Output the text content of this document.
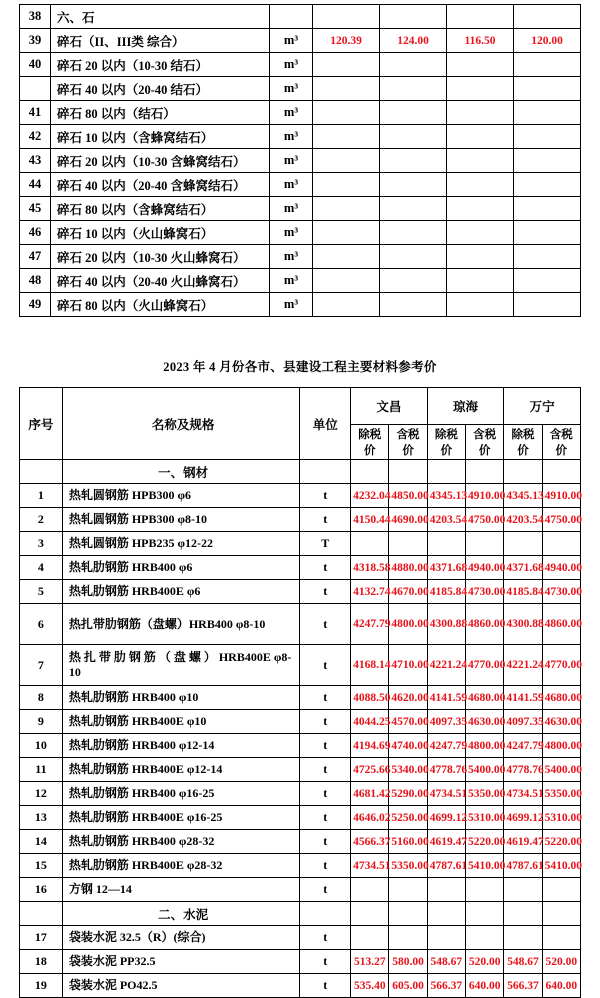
38	六、石					
39	碎石（II、III类 综合）	m³	120.39	124.00	116.50	120.00
40	碎石 20 以内（10-30 结石）	m³				
	碎石 40 以内（20-40 结石）	m³				
41	碎石 80 以内（结石）	m³				
42	碎石 10 以内（含蜂窝结石）	m³				
43	碎石 20 以内（10-30 含蜂窝结石）	m³				
44	碎石 40 以内（20-40 含蜂窝结石）	m³				
45	碎石 80 以内（含蜂窝结石）	m³				
46	碎石 10 以内（火山蜂窝石）	m³				
47	碎石 20 以内（10-30 火山蜂窝石）	m³				
48	碎石 40 以内（20-40 火山蜂窝石）	m³				
49	碎石 80 以内（火山蜂窝石）	m³				
2023 年 4 月份各市、县建设工程主要材料参考价
序号	名称及规格	单位	文昌		琼海		万宁	
			除税价	含税价	除税价	含税价	除税价	含税价
	一、钢材							
1	热轧圆钢筋 HPB300 φ6	t	4232.04	4850.00	4345.13	4910.00	4345.13	4910.00
2	热轧圆钢筋 HPB300 φ8-10	t	4150.44	4690.00	4203.54	4750.00	4203.54	4750.00
3	热轧圆钢筋 HPB235 φ12-22	T						
4	热轧肋钢筋 HRB400 φ6	t	4318.58	4880.00	4371.68	4940.00	4371.68	4940.00
5	热轧肋钢筋 HRB400E φ6	t	4132.74	4670.00	4185.84	4730.00	4185.84	4730.00
6	热扎带肋钢筋（盘螺）HRB400 φ8-10	t	4247.79	4800.00	4300.88	4860.00	4300.88	4860.00
7	热 扎 带 肋 钢 筋 （ 盘 螺 ） HRB400E φ8-10	t	4168.14	4710.00	4221.24	4770.00	4221.24	4770.00
8	热轧肋钢筋 HRB400 φ10	t	4088.50	4620.00	4141.59	4680.00	4141.59	4680.00
9	热轧肋钢筋 HRB400E φ10	t	4044.25	4570.00	4097.35	4630.00	4097.35	4630.00
10	热轧肋钢筋 HRB400 φ12-14	t	4194.69	4740.00	4247.79	4800.00	4247.79	4800.00
11	热轧肋钢筋 HRB400E φ12-14	t	4725.66	5340.00	4778.76	5400.00	4778.76	5400.00
12	热轧肋钢筋 HRB400 φ16-25	t	4681.42	5290.00	4734.51	5350.00	4734.51	5350.00
13	热轧肋钢筋 HRB400E φ16-25	t	4646.02	5250.00	4699.12	5310.00	4699.12	5310.00
14	热轧肋钢筋 HRB400 φ28-32	t	4566.37	5160.00	4619.47	5220.00	4619.47	5220.00
15	热轧肋钢筋 HRB400E φ28-32	t	4734.51	5350.00	4787.61	5410.00	4787.61	5410.00
16	方钢 12—14	t						
	二、水泥							
17	袋装水泥 32.5（R）(综合)	t						
18	袋装水泥 PP32.5	t	513.27	580.00	548.67	520.00	548.67	520.00
19	袋装水泥 PO42.5	t	535.40	605.00	566.37	640.00	566.37	640.00
